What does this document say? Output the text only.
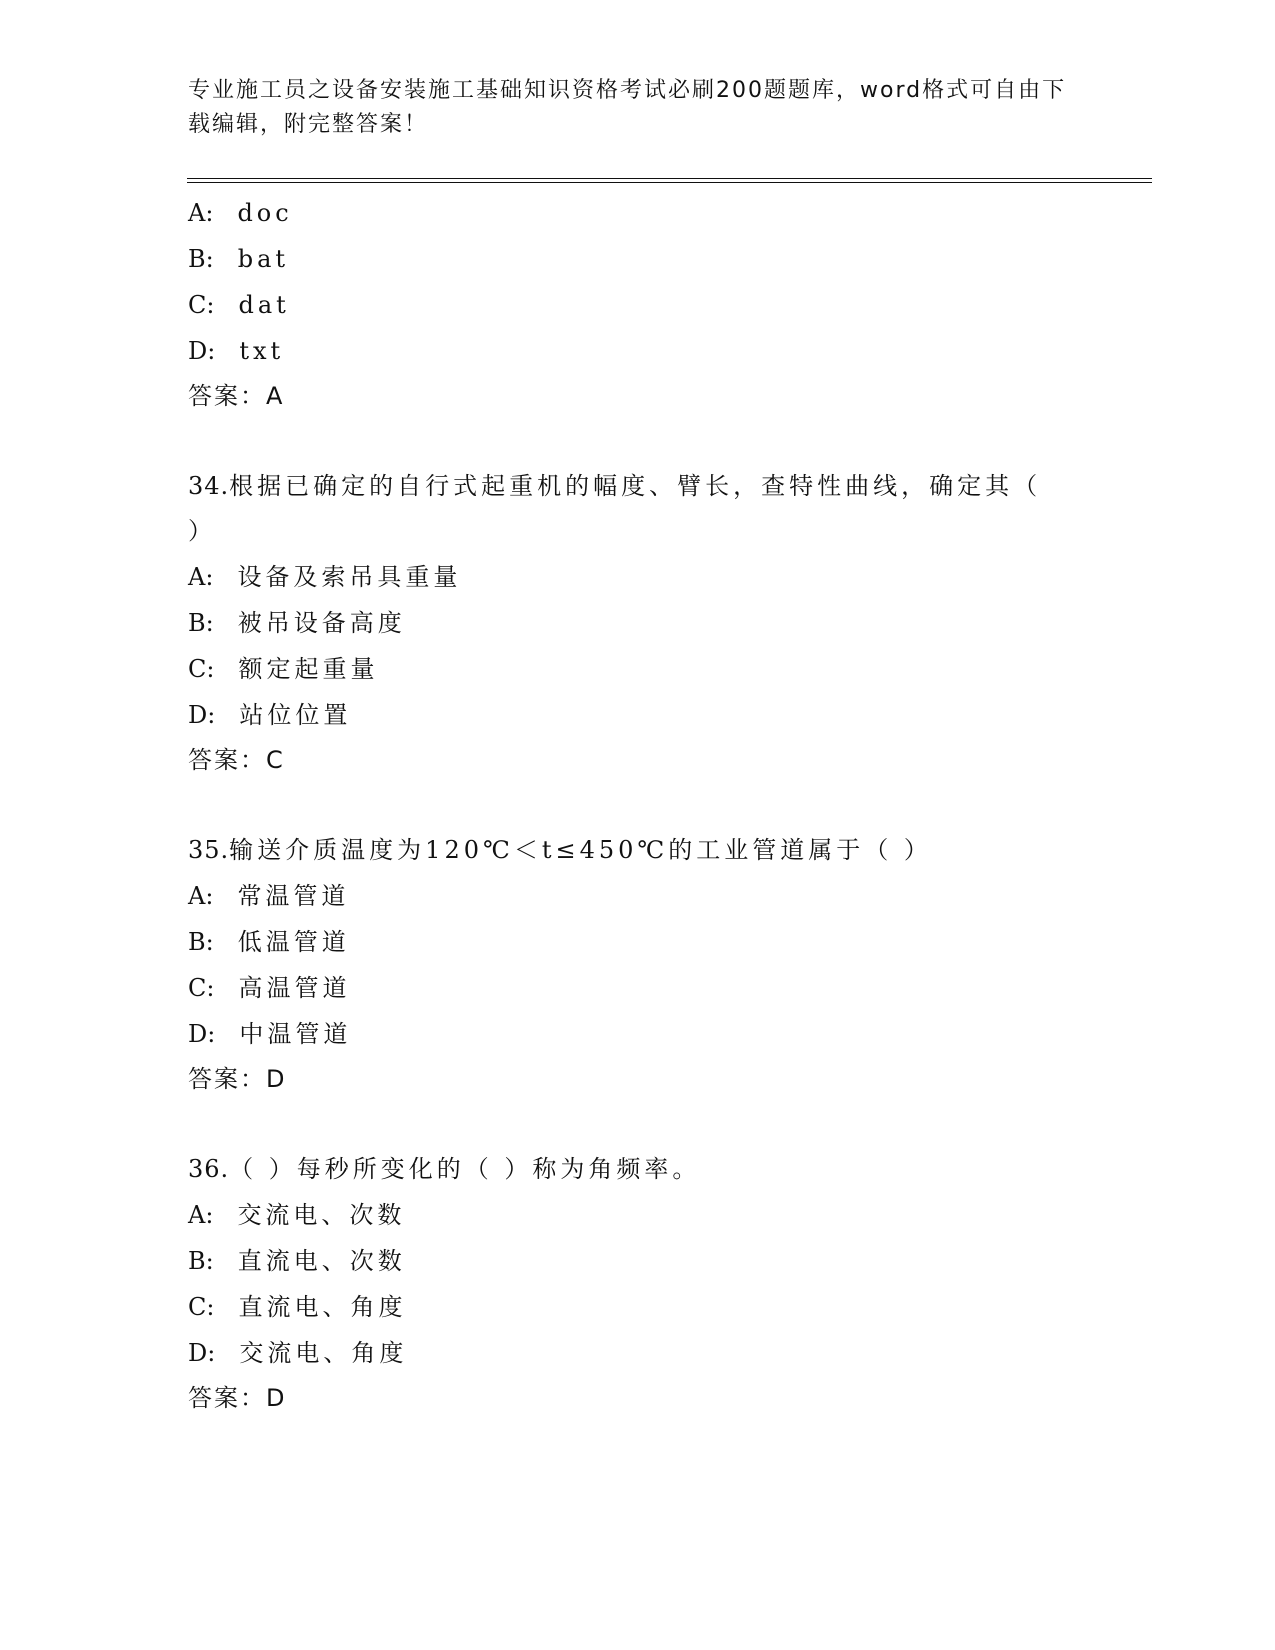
专业施工员之设备安装施工基础知识资格考试必刷200题题库，word格式可自由下载编辑，附完整答案！

A: doc

B: bat

C: dat

D: txt

答案：A

34.根据已确定的自行式起重机的幅度、臂长，查特性曲线，确定其（ ）

A: 设备及索吊具重量

B: 被吊设备高度

C: 额定起重量

D: 站位位置

答案：C

35.输送介质温度为120℃＜t≤450℃的工业管道属于（ ）

A: 常温管道

B: 低温管道

C: 高温管道

D: 中温管道

答案：D

36.（ ）每秒所变化的（ ）称为角频率。

A: 交流电、次数

B: 直流电、次数

C: 直流电、角度

D: 交流电、角度

答案：D
